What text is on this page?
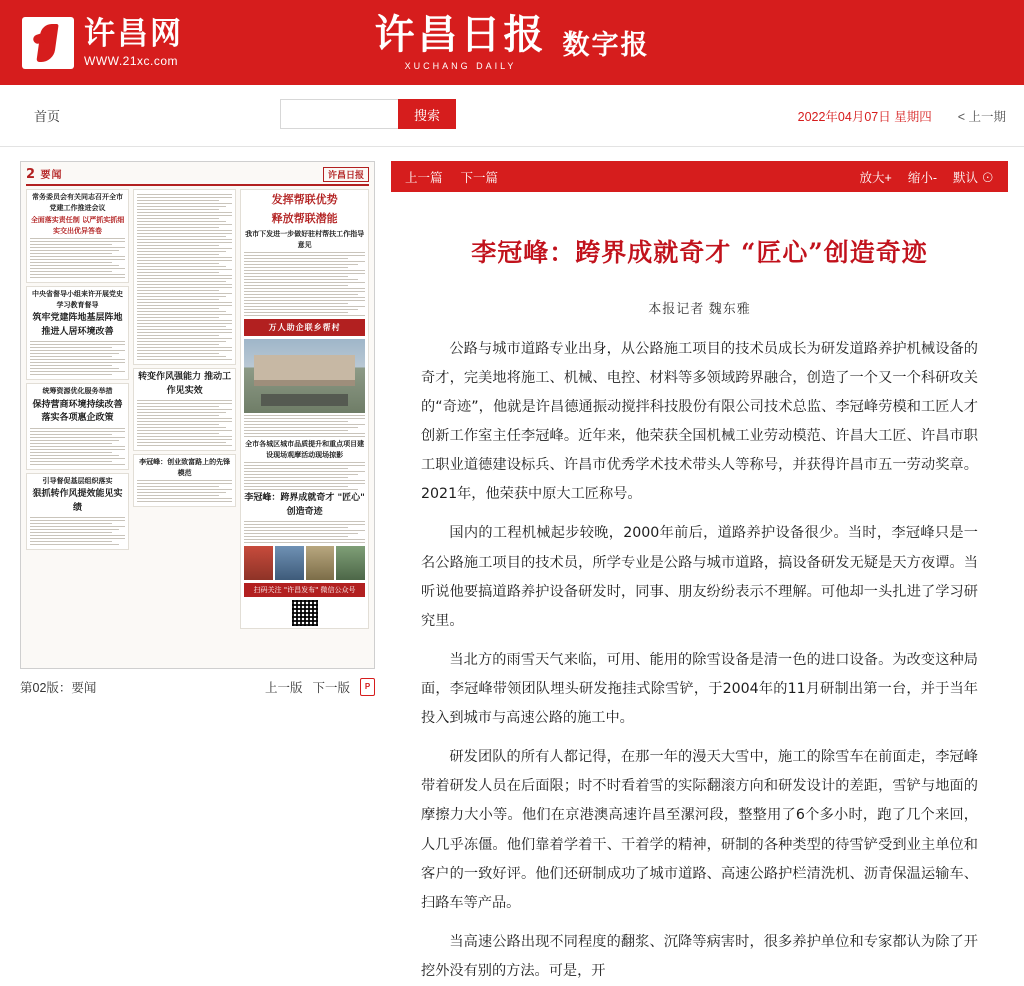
许昌网
WWW.21xc.com
许昌日报
XUCHANG DAILY
数字报
首页	搜索	2022年04月07日 星期四 < 上一期
2 要闻	许昌日报
常务委员会有关同志召开全市党建工作推进会议
全面落实责任制 以严抓实抓细实交出优异答卷
中央省督导小组来许开展党史学习教育督导
筑牢党建阵地基层阵地 推进人居环境改善
统筹资源优化服务举措
保持营商环境持续改善 落实各项惠企政策
引导督促基层组织落实
狠抓转作风提效能见实绩
转变作风强能力 推动工作见实效
李冠峰：创业致富路上的先锋模范
发挥帮联优势
释放帮联潜能
我市下发进一步做好驻村帮扶工作指导意见
万人助企联乡帮村
全市各城区城市品质提升和重点项目建设现场观摩活动现场掠影
李冠峰：跨界成就奇才 "匠心" 创造奇迹
扫码关注 "许昌发布" 微信公众号
第02版：要闻	上一版 下一版	P
上一篇 下一篇	放大+ 缩小- 默认 ⊙
李冠峰：跨界成就奇才 “匠心”创造奇迹
本报记者 魏东雅

公路与城市道路专业出身，从公路施工项目的技术员成长为研发道路养护机械设备的奇才，完美地将施工、机械、电控、材料等多领域跨界融合，创造了一个又一个科研攻关的“奇迹”，他就是许昌德通振动搅拌科技股份有限公司技术总监、李冠峰劳模和工匠人才创新工作室主任李冠峰。近年来，他荣获全国机械工业劳动模范、许昌大工匠、许昌市职工职业道德建设标兵、许昌市优秀学术技术带头人等称号，并获得许昌市五一劳动奖章。2021年，他荣获中原大工匠称号。

国内的工程机械起步较晚，2000年前后，道路养护设备很少。当时，李冠峰只是一名公路施工项目的技术员，所学专业是公路与城市道路，搞设备研发无疑是天方夜谭。当听说他要搞道路养护设备研发时，同事、朋友纷纷表示不理解。可他却一头扎进了学习研究里。

当北方的雨雪天气来临，可用、能用的除雪设备是清一色的进口设备。为改变这种局面，李冠峰带领团队埋头研发拖挂式除雪铲，于2004年的11月研制出第一台，并于当年投入到城市与高速公路的施工中。

研发团队的所有人都记得，在那一年的漫天大雪中，施工的除雪车在前面走，李冠峰带着研发人员在后面限；时不时看着雪的实际翻滚方向和研发设计的差距，雪铲与地面的摩擦力大小等。他们在京港澳高速许昌至漯河段，整整用了6个多小时，跑了几个来回，人几乎冻僵。他们靠着学着干、干着学的精神，研制的各种类型的待雪铲受到业主单位和客户的一致好评。他们还研制成功了城市道路、高速公路护栏清洗机、沥青保温运输车、扫路车等产品。

当高速公路出现不同程度的翻浆、沉降等病害时，很多养护单位和专家都认为除了开挖外没有别的方法。可是，开
